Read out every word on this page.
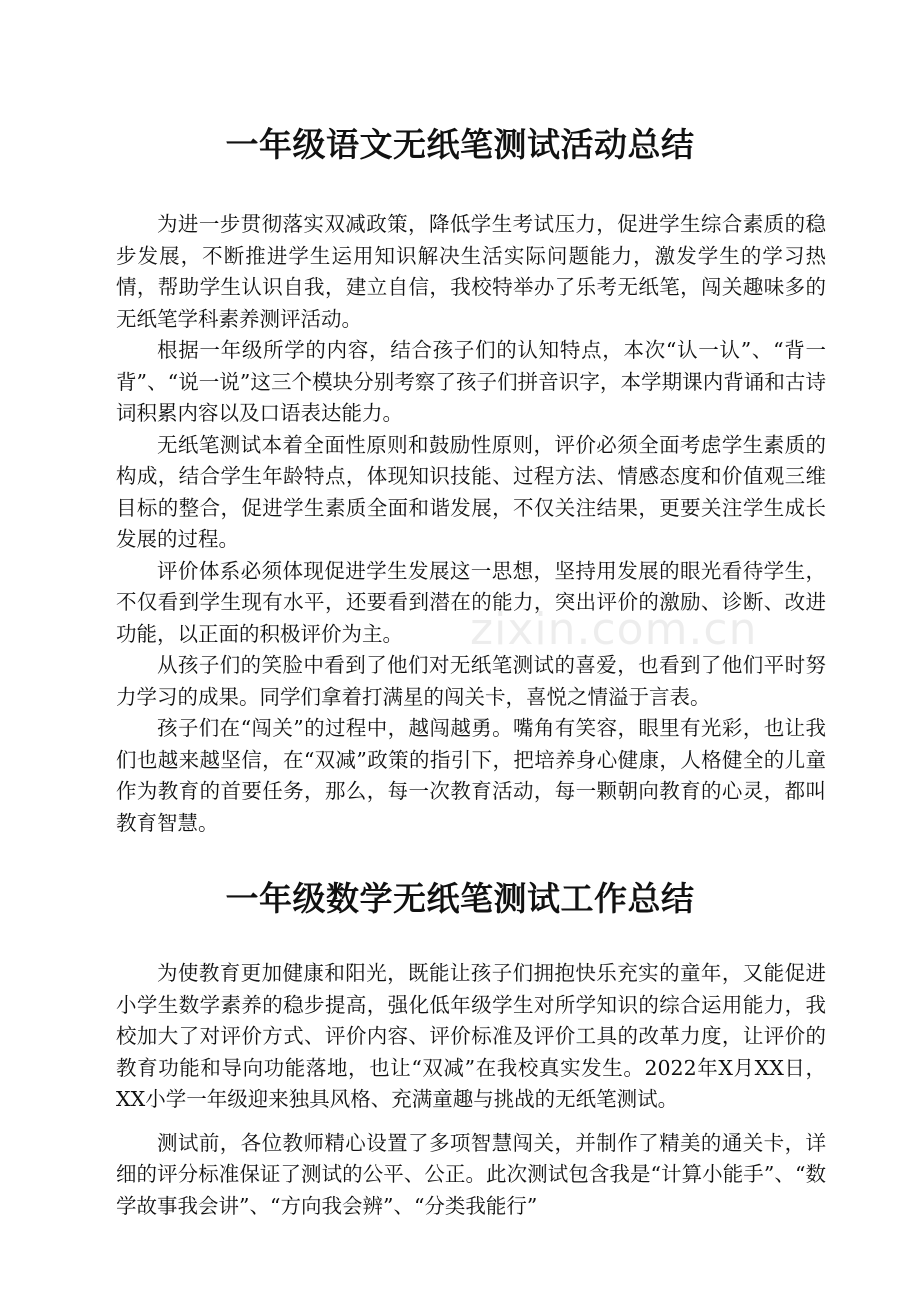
zixin.com.cn
一年级语文无纸笔测试活动总结

为进一步贯彻落实双减政策，降低学生考试压力，促进学生综合素质的稳步发展，不断推进学生运用知识解决生活实际问题能力，激发学生的学习热情，帮助学生认识自我，建立自信，我校特举办了乐考无纸笔，闯关趣味多的无纸笔学科素养测评活动。

根据一年级所学的内容，结合孩子们的认知特点，本次“认一认”、“背一背”、“说一说”这三个模块分别考察了孩子们拼音识字，本学期课内背诵和古诗词积累内容以及口语表达能力。

无纸笔测试本着全面性原则和鼓励性原则，评价必须全面考虑学生素质的构成，结合学生年龄特点，体现知识技能、过程方法、情感态度和价值观三维目标的整合，促进学生素质全面和谐发展，不仅关注结果，更要关注学生成长发展的过程。

评价体系必须体现促进学生发展这一思想，坚持用发展的眼光看待学生，不仅看到学生现有水平，还要看到潜在的能力，突出评价的激励、诊断、改进功能，以正面的积极评价为主。

从孩子们的笑脸中看到了他们对无纸笔测试的喜爱，也看到了他们平时努力学习的成果。同学们拿着打满星的闯关卡，喜悦之情溢于言表。

孩子们在“闯关”的过程中，越闯越勇。嘴角有笑容，眼里有光彩，也让我们也越来越坚信，在“双减”政策的指引下，把培养身心健康，人格健全的儿童作为教育的首要任务，那么，每一次教育活动，每一颗朝向教育的心灵，都叫教育智慧。

一年级数学无纸笔测试工作总结

为使教育更加健康和阳光，既能让孩子们拥抱快乐充实的童年，又能促进小学生数学素养的稳步提高，强化低年级学生对所学知识的综合运用能力，我校加大了对评价方式、评价内容、评价标准及评价工具的改革力度，让评价的教育功能和导向功能落地，也让“双减”在我校真实发生。2022年X月XX日，XX小学一年级迎来独具风格、充满童趣与挑战的无纸笔测试。

测试前，各位教师精心设置了多项智慧闯关，并制作了精美的通关卡，详细的评分标准保证了测试的公平、公正。此次测试包含我是“计算小能手”、“数学故事我会讲”、“方向我会辨”、“分类我能行”
